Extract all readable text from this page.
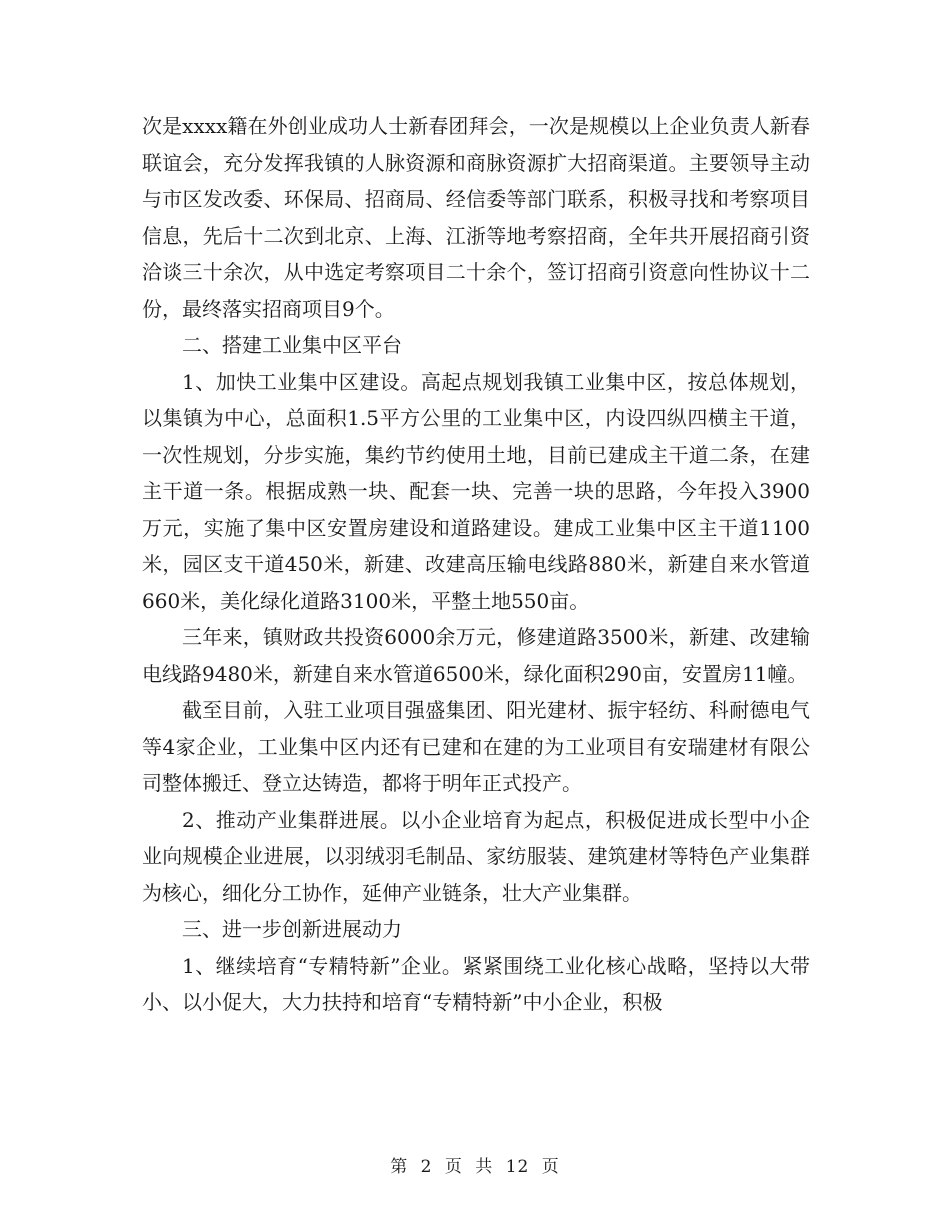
次是xxxx籍在外创业成功人士新春团拜会，一次是规模以上企业负责人新春联谊会，充分发挥我镇的人脉资源和商脉资源扩大招商渠道。主要领导主动与市区发改委、环保局、招商局、经信委等部门联系，积极寻找和考察项目信息，先后十二次到北京、上海、江浙等地考察招商，全年共开展招商引资洽谈三十余次，从中选定考察项目二十余个，签订招商引资意向性协议十二份，最终落实招商项目9个。

二、搭建工业集中区平台

1、加快工业集中区建设。高起点规划我镇工业集中区，按总体规划，以集镇为中心，总面积1.5平方公里的工业集中区，内设四纵四横主干道，一次性规划，分步实施，集约节约使用土地，目前已建成主干道二条，在建主干道一条。根据成熟一块、配套一块、完善一块的思路，今年投入3900万元，实施了集中区安置房建设和道路建设。建成工业集中区主干道1100米，园区支干道450米，新建、改建高压输电线路880米，新建自来水管道660米，美化绿化道路3100米，平整土地550亩。

三年来，镇财政共投资6000余万元，修建道路3500米，新建、改建输电线路9480米，新建自来水管道6500米，绿化面积290亩，安置房11幢。

截至目前，入驻工业项目强盛集团、阳光建材、振宇轻纺、科耐德电气等4家企业，工业集中区内还有已建和在建的为工业项目有安瑞建材有限公司整体搬迁、登立达铸造，都将于明年正式投产。

2、推动产业集群进展。以小企业培育为起点，积极促进成长型中小企业向规模企业进展，以羽绒羽毛制品、家纺服装、建筑建材等特色产业集群为核心，细化分工协作，延伸产业链条，壮大产业集群。

三、进一步创新进展动力

1、继续培育“专精特新”企业。紧紧围绕工业化核心战略，坚持以大带小、以小促大，大力扶持和培育“专精特新”中小企业，积极

第 2 页 共 12 页
